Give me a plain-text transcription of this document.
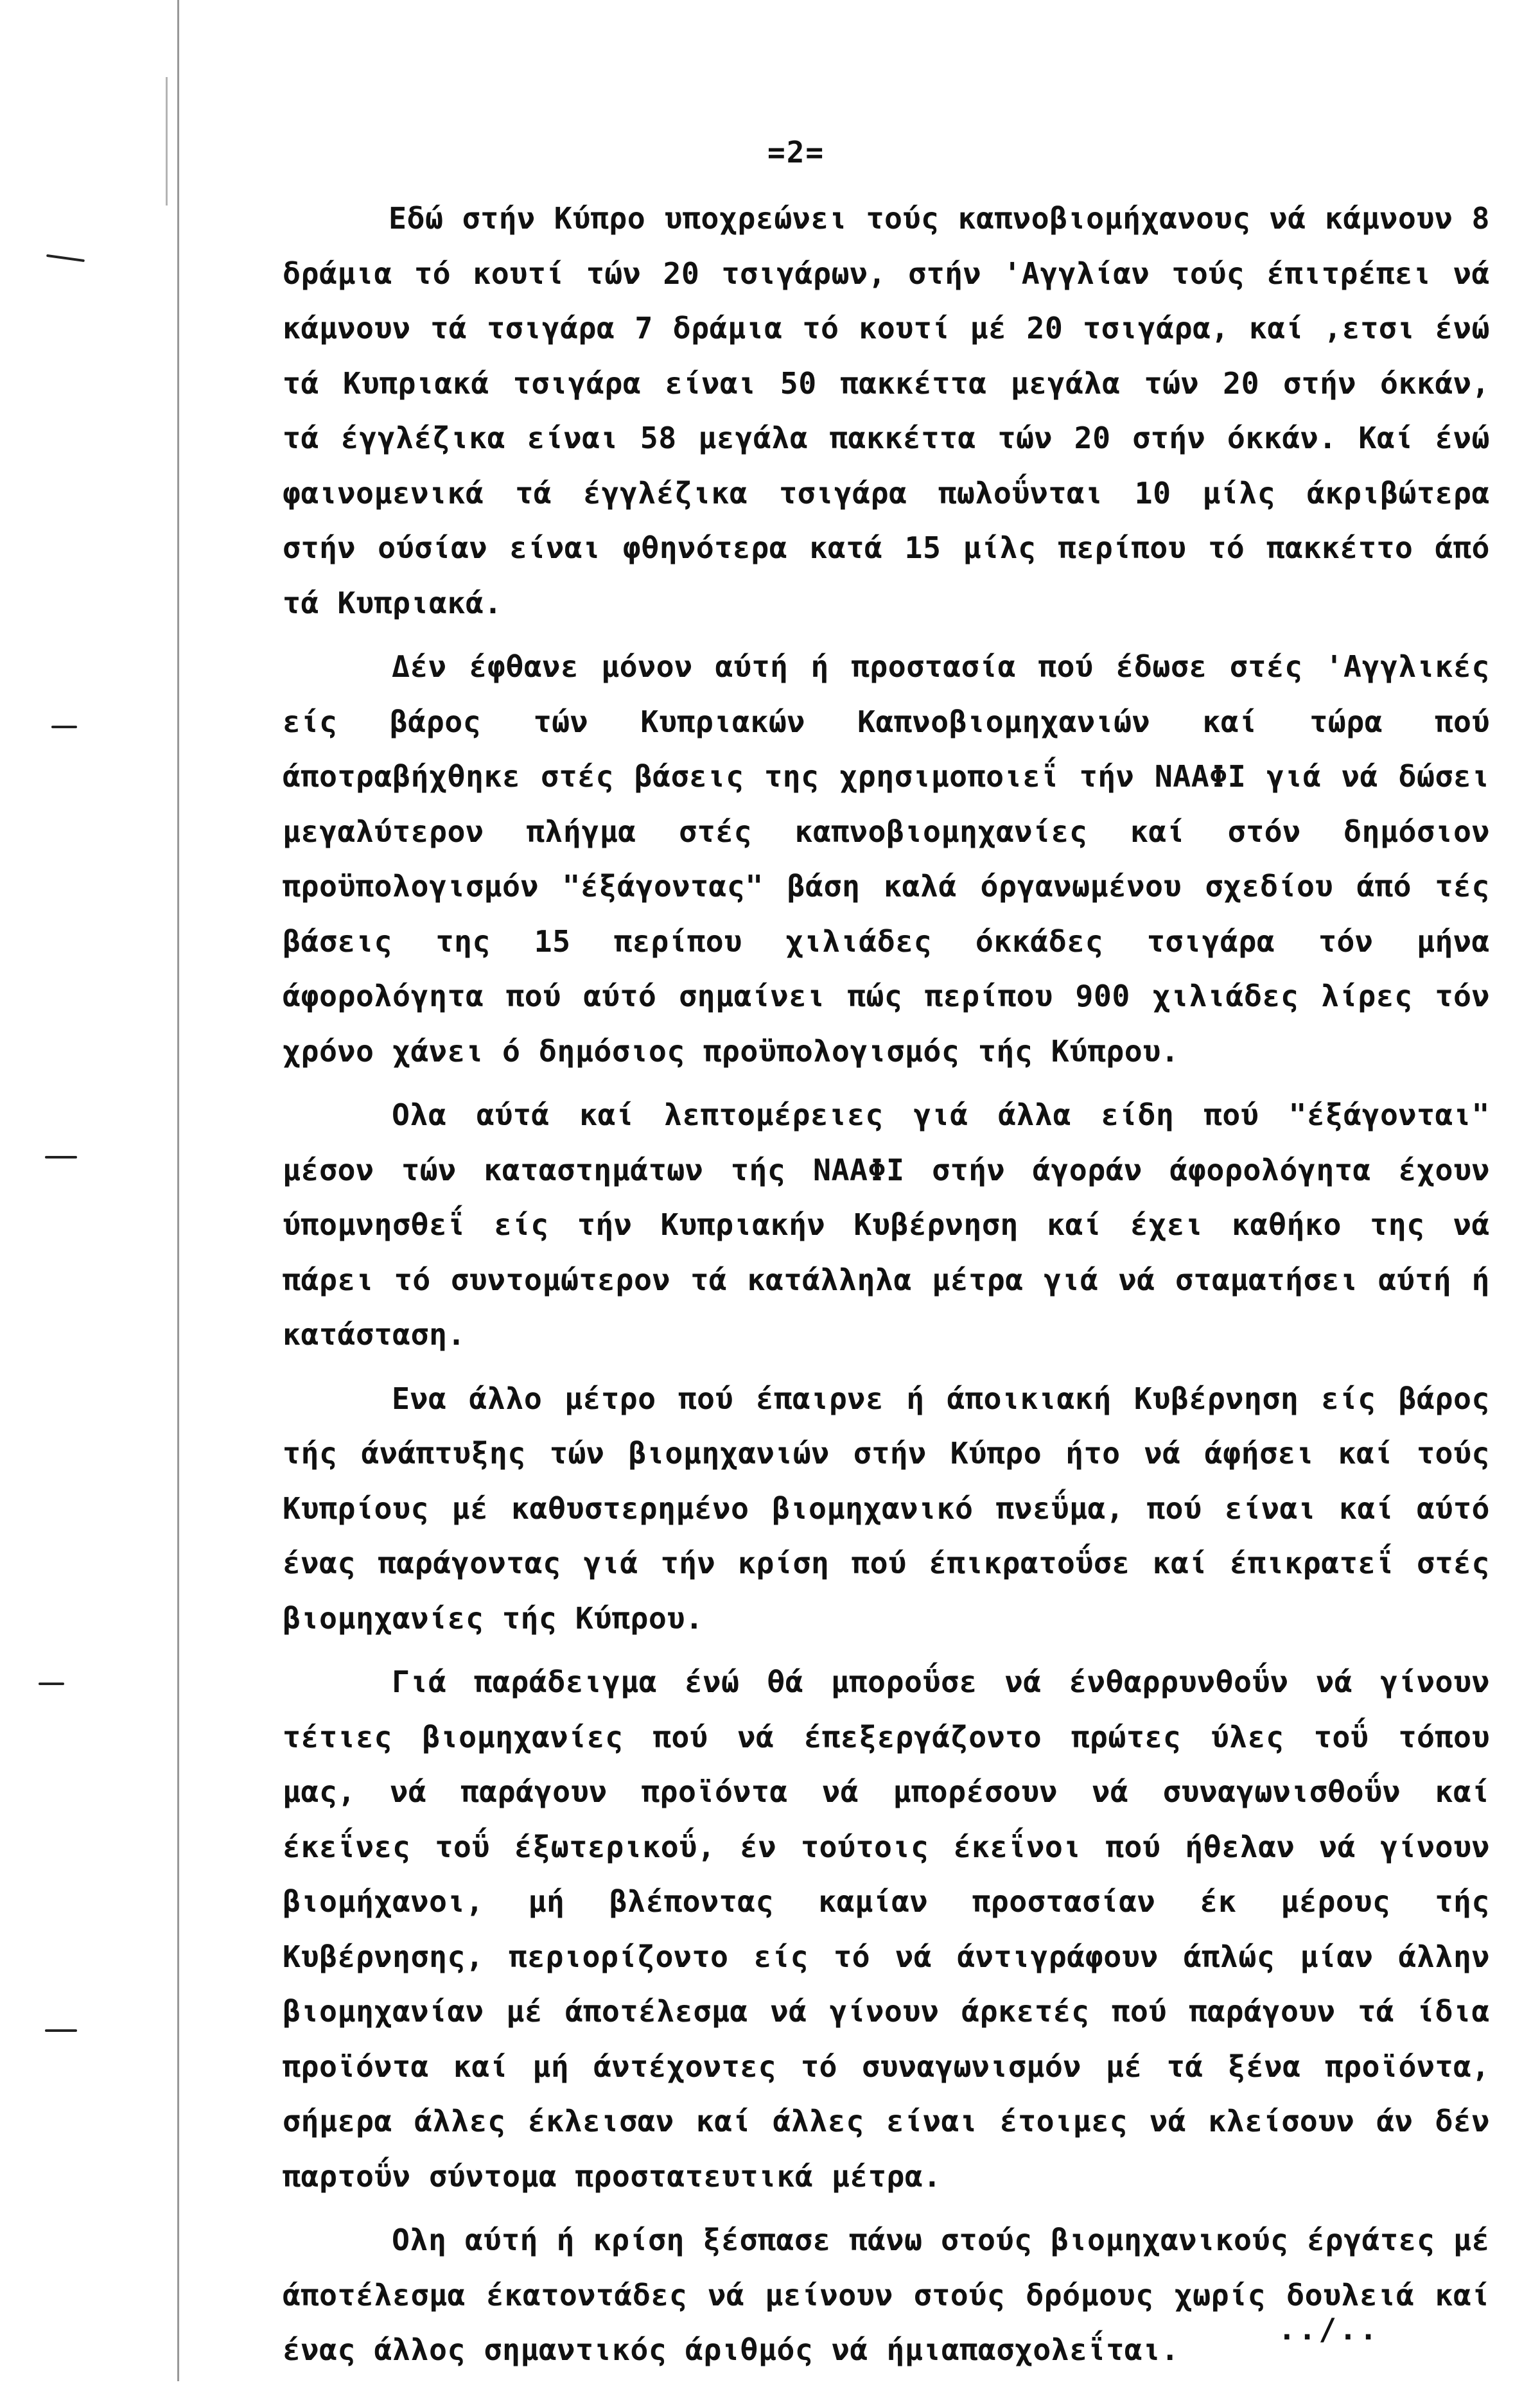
=2=

Εδώ στήν Κύπρο υποχρεώνει τούς καπνοβιομήχανους νά κάμνουν 8 δράμια τό κουτί τών 20 τσιγάρων, στήν 'Αγγλίαν τούς έπιτρέπει νά κάμνουν τά τσιγάρα 7 δράμια τό κουτί μέ 20 τσιγάρα, καί ,ετσι ένώ τά Κυπριακά τσιγάρα είναι 50 πακκέττα μεγάλα τών 20 στήν όκκάν, τά έγγλέζικα είναι 58 μεγάλα πακκέττα τών 20 στήν όκκάν. Καί ένώ φαινομενικά τά έγγλέζικα τσιγάρα πωλοΰνται 10 μίλς άκριβώτερα στήν ούσίαν είναι φθηνότερα κατά 15 μίλς περίπου τό πακκέττο άπό τά Κυπριακά.

Δέν έφθανε μόνον αύτή ή προστασία πού έδωσε στές 'Αγγλικές είς βάρος τών Κυπριακών Καπνοβιομηχανιών καί τώρα πού άποτραβήχθηκε στές βάσεις της χρησιμοποιεΐ τήν ΝΑΑΦΙ γιά νά δώσει μεγαλύτερον πλήγμα στές καπνοβιομηχανίες καί στόν δημόσιον προϋπολογισμόν "έξάγοντας" βάση καλά όργανωμένου σχεδίου άπό τές βάσεις της 15 περίπου χιλιάδες όκκάδες τσιγάρα τόν μήνα άφορολόγητα πού αύτό σημαίνει πώς περίπου 900 χιλιάδες λίρες τόν χρόνο χάνει ό δημόσιος προϋπολογισμός τής Κύπρου.

Ολα αύτά καί λεπτομέρειες γιά άλλα είδη πού "έξάγονται" μέσον τών καταστημάτων τής ΝΑΑΦΙ στήν άγοράν άφορολόγητα έχουν ύπομνησθεΐ είς τήν Κυπριακήν Κυβέρνηση καί έχει καθήκο της νά πάρει τό συντομώτερον τά κατάλληλα μέτρα γιά νά σταματήσει αύτή ή κατάσταση.

Ενα άλλο μέτρο πού έπαιρνε ή άποικιακή Κυβέρνηση είς βάρος τής άνάπτυξης τών βιομηχανιών στήν Κύπρο ήτο νά άφήσει καί τούς Κυπρίους μέ καθυστερημένο βιομηχανικό πνεΰμα, πού είναι καί αύτό ένας παράγοντας γιά τήν κρίση πού έπικρατοΰσε καί έπικρατεΐ στές βιομηχανίες τής Κύπρου.

Γιά παράδειγμα ένώ θά μποροΰσε νά ένθαρρυνθοΰν νά γίνουν τέτιες βιομηχανίες πού νά έπεξεργάζοντο πρώτες ύλες τοΰ τόπου μας, νά παράγουν προϊόντα νά μπορέσουν νά συναγωνισθοΰν καί έκεΐνες τοΰ έξωτερικοΰ, έν τούτοις έκεΐνοι πού ήθελαν νά γίνουν βιομήχανοι, μή βλέποντας καμίαν προστασίαν έκ μέρους τής Κυβέρνησης, περιορίζοντο είς τό νά άντιγράφουν άπλώς μίαν άλλην βιομηχανίαν μέ άποτέλεσμα νά γίνουν άρκετές πού παράγουν τά ίδια προϊόντα καί μή άντέχοντες τό συναγωνισμόν μέ τά ξένα προϊόντα, σήμερα άλλες έκλεισαν καί άλλες είναι έτοιμες νά κλείσουν άν δέν παρτοΰν σύντομα προστατευτικά μέτρα.

Ολη αύτή ή κρίση ξέσπασε πάνω στούς βιομηχανικούς έργάτες μέ άποτέλεσμα έκατοντάδες νά μείνουν στούς δρόμους χωρίς δουλειά καί ένας άλλος σημαντικός άριθμός νά ήμιαπασχολεΐται.

../..
